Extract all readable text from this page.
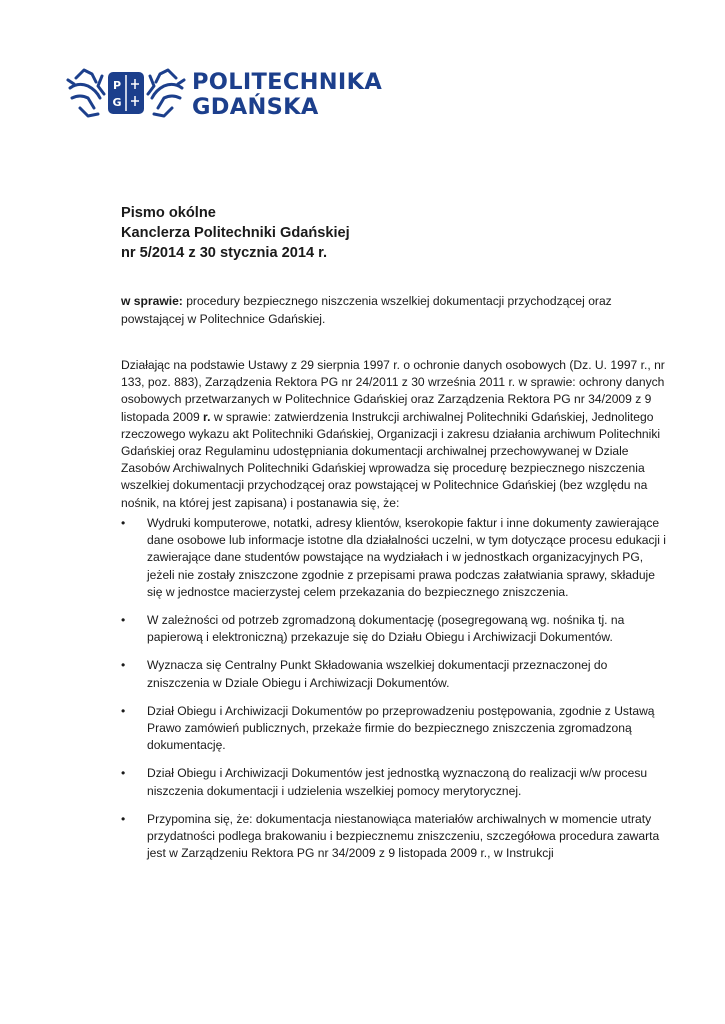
P
G
POLITECHNIKA
GDAŃSKA
Pismo okólne
Kanclerza Politechniki Gdańskiej
nr 5/2014 z 30 stycznia 2014 r.
w sprawie: procedury bezpiecznego niszczenia wszelkiej dokumentacji przychodzącej oraz powstającej w Politechnice Gdańskiej.
Działając na podstawie Ustawy z 29 sierpnia 1997 r. o ochronie danych osobowych (Dz. U. 1997 r., nr 133, poz. 883), Zarządzenia Rektora PG nr 24/2011 z 30 września 2011 r. w sprawie: ochrony danych osobowych przetwarzanych w Politechnice Gdańskiej oraz Zarządzenia Rektora PG nr 34/2009 z 9 listopada 2009 r. w sprawie: zatwierdzenia Instrukcji archiwalnej Politechniki Gdańskiej, Jednolitego rzeczowego wykazu akt Politechniki Gdańskiej, Organizacji i zakresu działania archiwum Politechniki Gdańskiej oraz Regulaminu udostępniania dokumentacji archiwalnej przechowywanej w Dziale Zasobów Archiwalnych Politechniki Gdańskiej wprowadza się procedurę bezpiecznego niszczenia wszelkiej dokumentacji przychodzącej oraz powstającej w Politechnice Gdańskiej (bez względu na nośnik, na której jest zapisana) i postanawia się, że:
• Wydruki komputerowe, notatki, adresy klientów, kserokopie faktur i inne dokumenty zawierające dane osobowe lub informacje istotne dla działalności uczelni, w tym dotyczące procesu edukacji i zawierające dane studentów powstające na wydziałach i w jednostkach organizacyjnych PG, jeżeli nie zostały zniszczone zgodnie z przepisami prawa podczas załatwiania sprawy, składuje się w jednostce macierzystej celem przekazania do bezpiecznego zniszczenia.
• W zależności od potrzeb zgromadzoną dokumentację (posegregowaną wg. nośnika tj. na papierową i elektroniczną) przekazuje się do Działu Obiegu i Archiwizacji Dokumentów.
• Wyznacza się Centralny Punkt Składowania wszelkiej dokumentacji przeznaczonej do zniszczenia w Dziale Obiegu i Archiwizacji Dokumentów.
• Dział Obiegu i Archiwizacji Dokumentów po przeprowadzeniu postępowania, zgodnie z Ustawą Prawo zamówień publicznych, przekaże firmie do bezpiecznego zniszczenia zgromadzoną dokumentację.
• Dział Obiegu i Archiwizacji Dokumentów jest jednostką wyznaczoną do realizacji w/w procesu niszczenia dokumentacji i udzielenia wszelkiej pomocy merytorycznej.
• Przypomina się, że: dokumentacja niestanowiąca materiałów archiwalnych w momencie utraty przydatności podlega brakowaniu i bezpiecznemu zniszczeniu, szczegółowa procedura zawarta jest w Zarządzeniu Rektora PG nr 34/2009 z 9 listopada 2009 r., w Instrukcji
